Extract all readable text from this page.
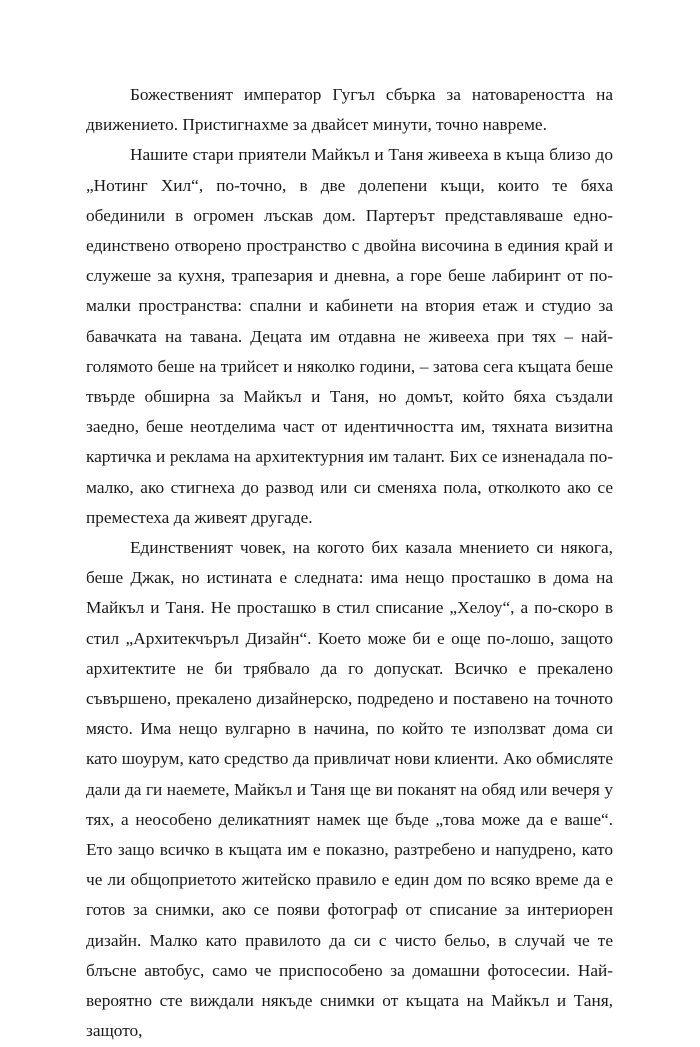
Божественият император Гугъл сбърка за натовареността на движението. Пристигнахме за двайсет минути, точно навреме.

Нашите стари приятели Майкъл и Таня живееха в къща близо до „Нотинг Хил“, по-точно, в две долепени къщи, които те бяха обединили в огромен лъскав дом. Партерът представляваше едно-единствено отворено пространство с двойна височина в единия край и служеше за кухня, трапезария и дневна, а горе беше лабиринт от по-малки пространства: спални и кабинети на втория етаж и студио за бавачката на тавана. Децата им отдавна не живееха при тях – най-голямото беше на трийсет и няколко години, – затова сега къщата беше твърде обширна за Майкъл и Таня, но домът, който бяха създали заедно, беше неотделима част от идентичността им, тяхната визитна картичка и реклама на архитектурния им талант. Бих се изненадала по-малко, ако стигнеха до развод или си сменяха пола, отколкото ако се преместеха да живеят другаде.

Единственият човек, на когото бих казала мнението си някога, беше Джак, но истината е следната: има нещо просташко в дома на Майкъл и Таня. Не просташко в стил списание „Хелоу“, а по-скоро в стил „Архитекчъръл Дизайн“. Което може би е още по-лошо, защото архитектите не би трябвало да го допускат. Всичко е прекалено съвършено, прекалено дизайнерско, подредено и поставено на точното място. Има нещо вулгарно в начина, по който те използват дома си като шоурум, като средство да привличат нови клиенти. Ако обмисляте дали да ги наемете, Майкъл и Таня ще ви поканят на обяд или вечеря у тях, а неособено деликатният намек ще бъде „това може да е ваше“. Ето защо всичко в къщата им е показно, разтребено и напудрено, като че ли общоприетото житейско правило е един дом по всяко време да е готов за снимки, ако се появи фотограф от списание за интериорен дизайн. Малко като правилото да си с чисто бельо, в случай че те блъсне автобус, само че приспособено за домашни фотосесии. Най-вероятно сте виждали някъде снимки от къщата на Майкъл и Таня, защото,
